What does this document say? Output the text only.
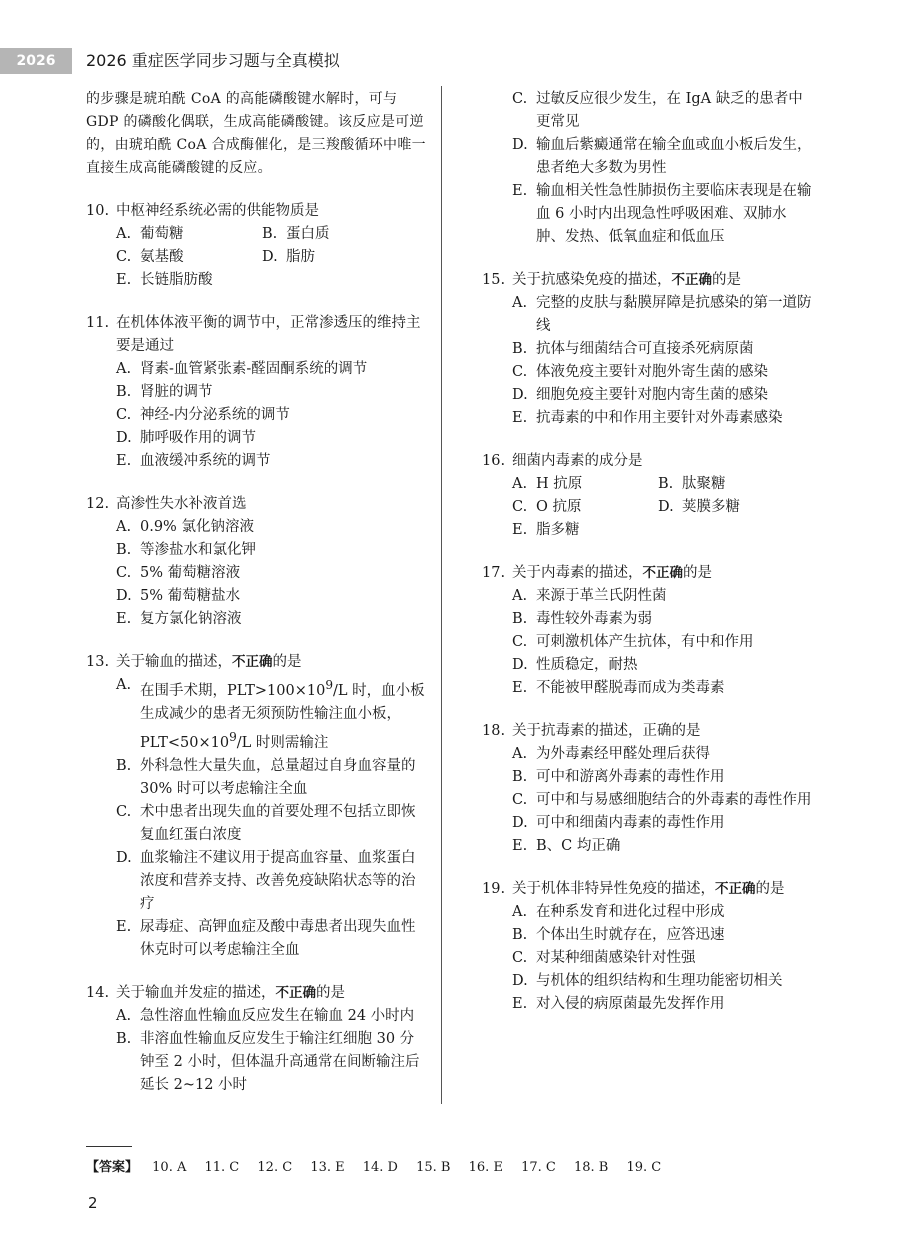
2026	2026 重症医学同步习题与全真模拟
的步骤是琥珀酰 CoA 的高能磷酸键水解时，可与 GDP 的磷酸化偶联，生成高能磷酸键。该反应是可逆的，由琥珀酰 CoA 合成酶催化，是三羧酸循环中唯一直接生成高能磷酸键的反应。
10. 中枢神经系统必需的供能物质是
A. 葡萄糖	B. 蛋白质
C. 氨基酸	D. 脂肪
E. 长链脂肪酸
11. 在机体体液平衡的调节中，正常渗透压的维持主要是通过
A. 肾素-血管紧张素-醛固酮系统的调节
B. 肾脏的调节
C. 神经-内分泌系统的调节
D. 肺呼吸作用的调节
E. 血液缓冲系统的调节
12. 高渗性失水补液首选
A. 0.9% 氯化钠溶液
B. 等渗盐水和氯化钾
C. 5% 葡萄糖溶液
D. 5% 葡萄糖盐水
E. 复方氯化钠溶液
13. 关于输血的描述，不正确的是
A. 在围手术期，$PLT>100\times 10^9/L$ 时，血小板生成减少的患者无须预防性输注血小板，$PLT<50\times 10^9/L$ 时则需输注
B. 外科急性大量失血，总量超过自身血容量的 30% 时可以考虑输注全血
C. 术中患者出现失血的首要处理不包括立即恢复血红蛋白浓度
D. 血浆输注不建议用于提高血容量、血浆蛋白浓度和营养支持、改善免疫缺陷状态等的治疗
E. 尿毒症、高钾血症及酸中毒患者出现失血性休克时可以考虑输注全血
14. 关于输血并发症的描述，不正确的是
A. 急性溶血性输血反应发生在输血 24 小时内
B. 非溶血性输血反应发生于输注红细胞 30 分钟至 2 小时，但体温升高通常在间断输注后延长 2~12 小时
C. 过敏反应很少发生，在 IgA 缺乏的患者中更常见
D. 输血后紫癜通常在输全血或血小板后发生，患者绝大多数为男性
E. 输血相关性急性肺损伤主要临床表现是在输血 6 小时内出现急性呼吸困难、双肺水肿、发热、低氧血症和低血压
15. 关于抗感染免疫的描述，不正确的是
A. 完整的皮肤与黏膜屏障是抗感染的第一道防线
B. 抗体与细菌结合可直接杀死病原菌
C. 体液免疫主要针对胞外寄生菌的感染
D. 细胞免疫主要针对胞内寄生菌的感染
E. 抗毒素的中和作用主要针对外毒素感染
16. 细菌内毒素的成分是
A. H 抗原	B. 肽聚糖
C. O 抗原	D. 荚膜多糖
E. 脂多糖
17. 关于内毒素的描述，不正确的是
A. 来源于革兰氏阴性菌
B. 毒性较外毒素为弱
C. 可刺激机体产生抗体，有中和作用
D. 性质稳定，耐热
E. 不能被甲醛脱毒而成为类毒素
18. 关于抗毒素的描述，正确的是
A. 为外毒素经甲醛处理后获得
B. 可中和游离外毒素的毒性作用
C. 可中和与易感细胞结合的外毒素的毒性作用
D. 可中和细菌内毒素的毒性作用
E. B、C 均正确
19. 关于机体非特异性免疫的描述，不正确的是
A. 在种系发育和进化过程中形成
B. 个体出生时就存在，应答迅速
C. 对某种细菌感染针对性强
D. 与机体的组织结构和生理功能密切相关
E. 对入侵的病原菌最先发挥作用
【答案】 10. A 11. C 12. C 13. E 14. D 15. B 16. E 17. C 18. B 19. C
2
